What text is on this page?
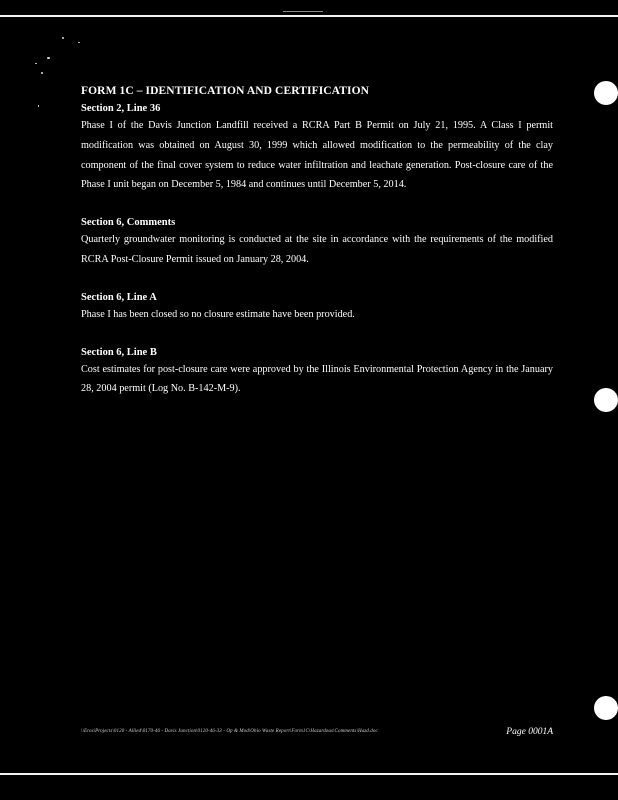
FORM 1C – IDENTIFICATION AND CERTIFICATION

Section 2, Line 36

Phase I of the Davis Junction Landfill received a RCRA Part B Permit on July 21, 1995. A Class I permit modification was obtained on August 30, 1999 which allowed modification to the permeability of the clay component of the final cover system to reduce water infiltration and leachate generation. Post-closure care of the Phase I unit began on December 5, 1984 and continues until December 5, 2014.

Section 6, Comments

Quarterly groundwater monitoring is conducted at the site in accordance with the requirements of the modified RCRA Post-Closure Permit issued on January 28, 2004.

Section 6, Line A

Phase I has been closed so no closure estimate have been provided.

Section 6, Line B

Cost estimates for post-closure care were approved by the Illinois Environmental Protection Agency in the January 28, 2004 permit (Log No. B-142-M-9).

\\Eros\Projects\0120 - Allied\0170-46 - Davis Junction\0120-46-33 - Op & Mod\Ohio Waste Report\Form1C\Hazardous\Comments\Hazd.doc	Page 0001A
